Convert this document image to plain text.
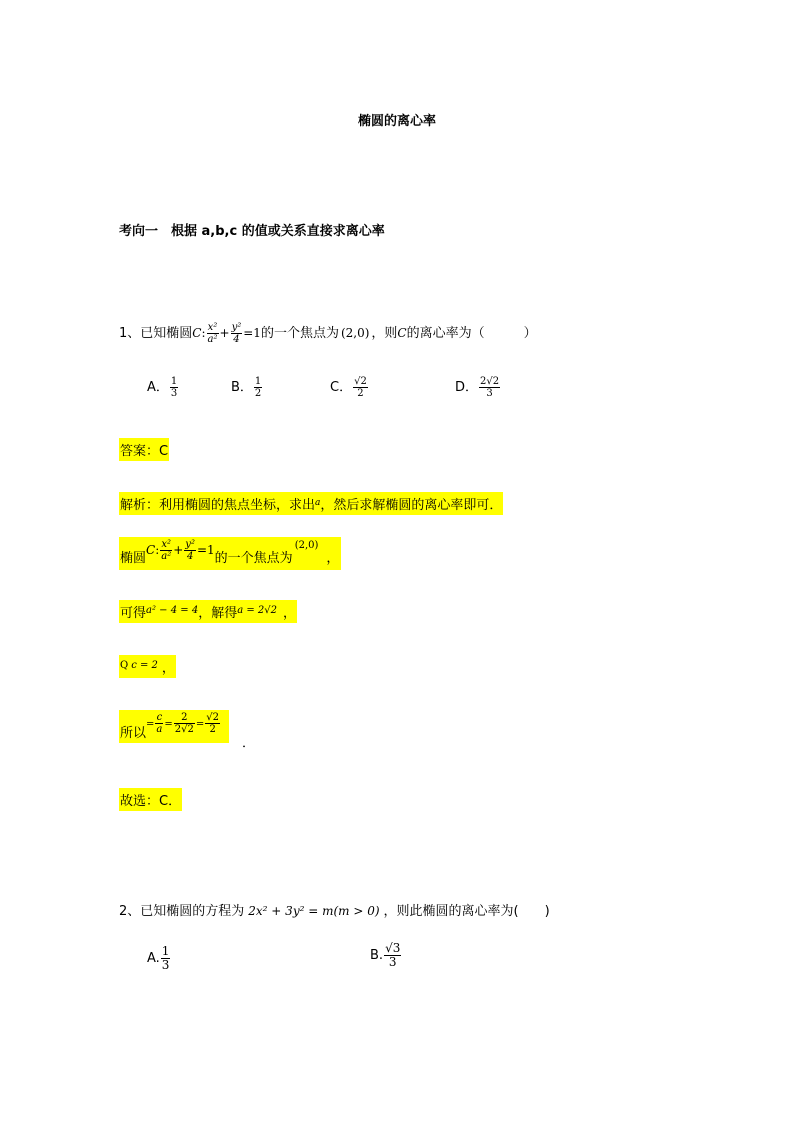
椭圆的离心率
考向一　根据 a,b,c 的值或关系直接求离心率
1、已知椭圆C: $\frac{\text{x²}}{\text{a²}} + \frac{\text{y²}}{4} =1$的一个焦点为 (2,0) ，则C的离心率为（　　　）
A． $\frac{1}{3}$	B． $\frac{1}{2}$	C． $\frac{√2}{2}$	D． $\frac{2√2}{3}$
答案：C
解析：利用椭圆的焦点坐标，求出$^a$，然后求解椭圆的离心率即可．
椭圆C: $\frac{\text{x²}}{\text{a²}} + \frac{\text{y²}}{4} =1$的一个焦点为$^{(2,0)}$，
可得$^{a^2 - 4 = 4}$，解得$^{a = 2√2}$ ，
$^Q$ $^{c = 2}$ ，
所以= $\frac{c}{a} = \frac{2}{2√2} = \frac{√2}{2}$
．
故选：C．
2、已知椭圆的方程为 2x² + 3y² = m(m > 0) ，则此椭圆的离心率为(　　)
A. $\frac{1}{3}$	B. $\frac{√3}{3}$
